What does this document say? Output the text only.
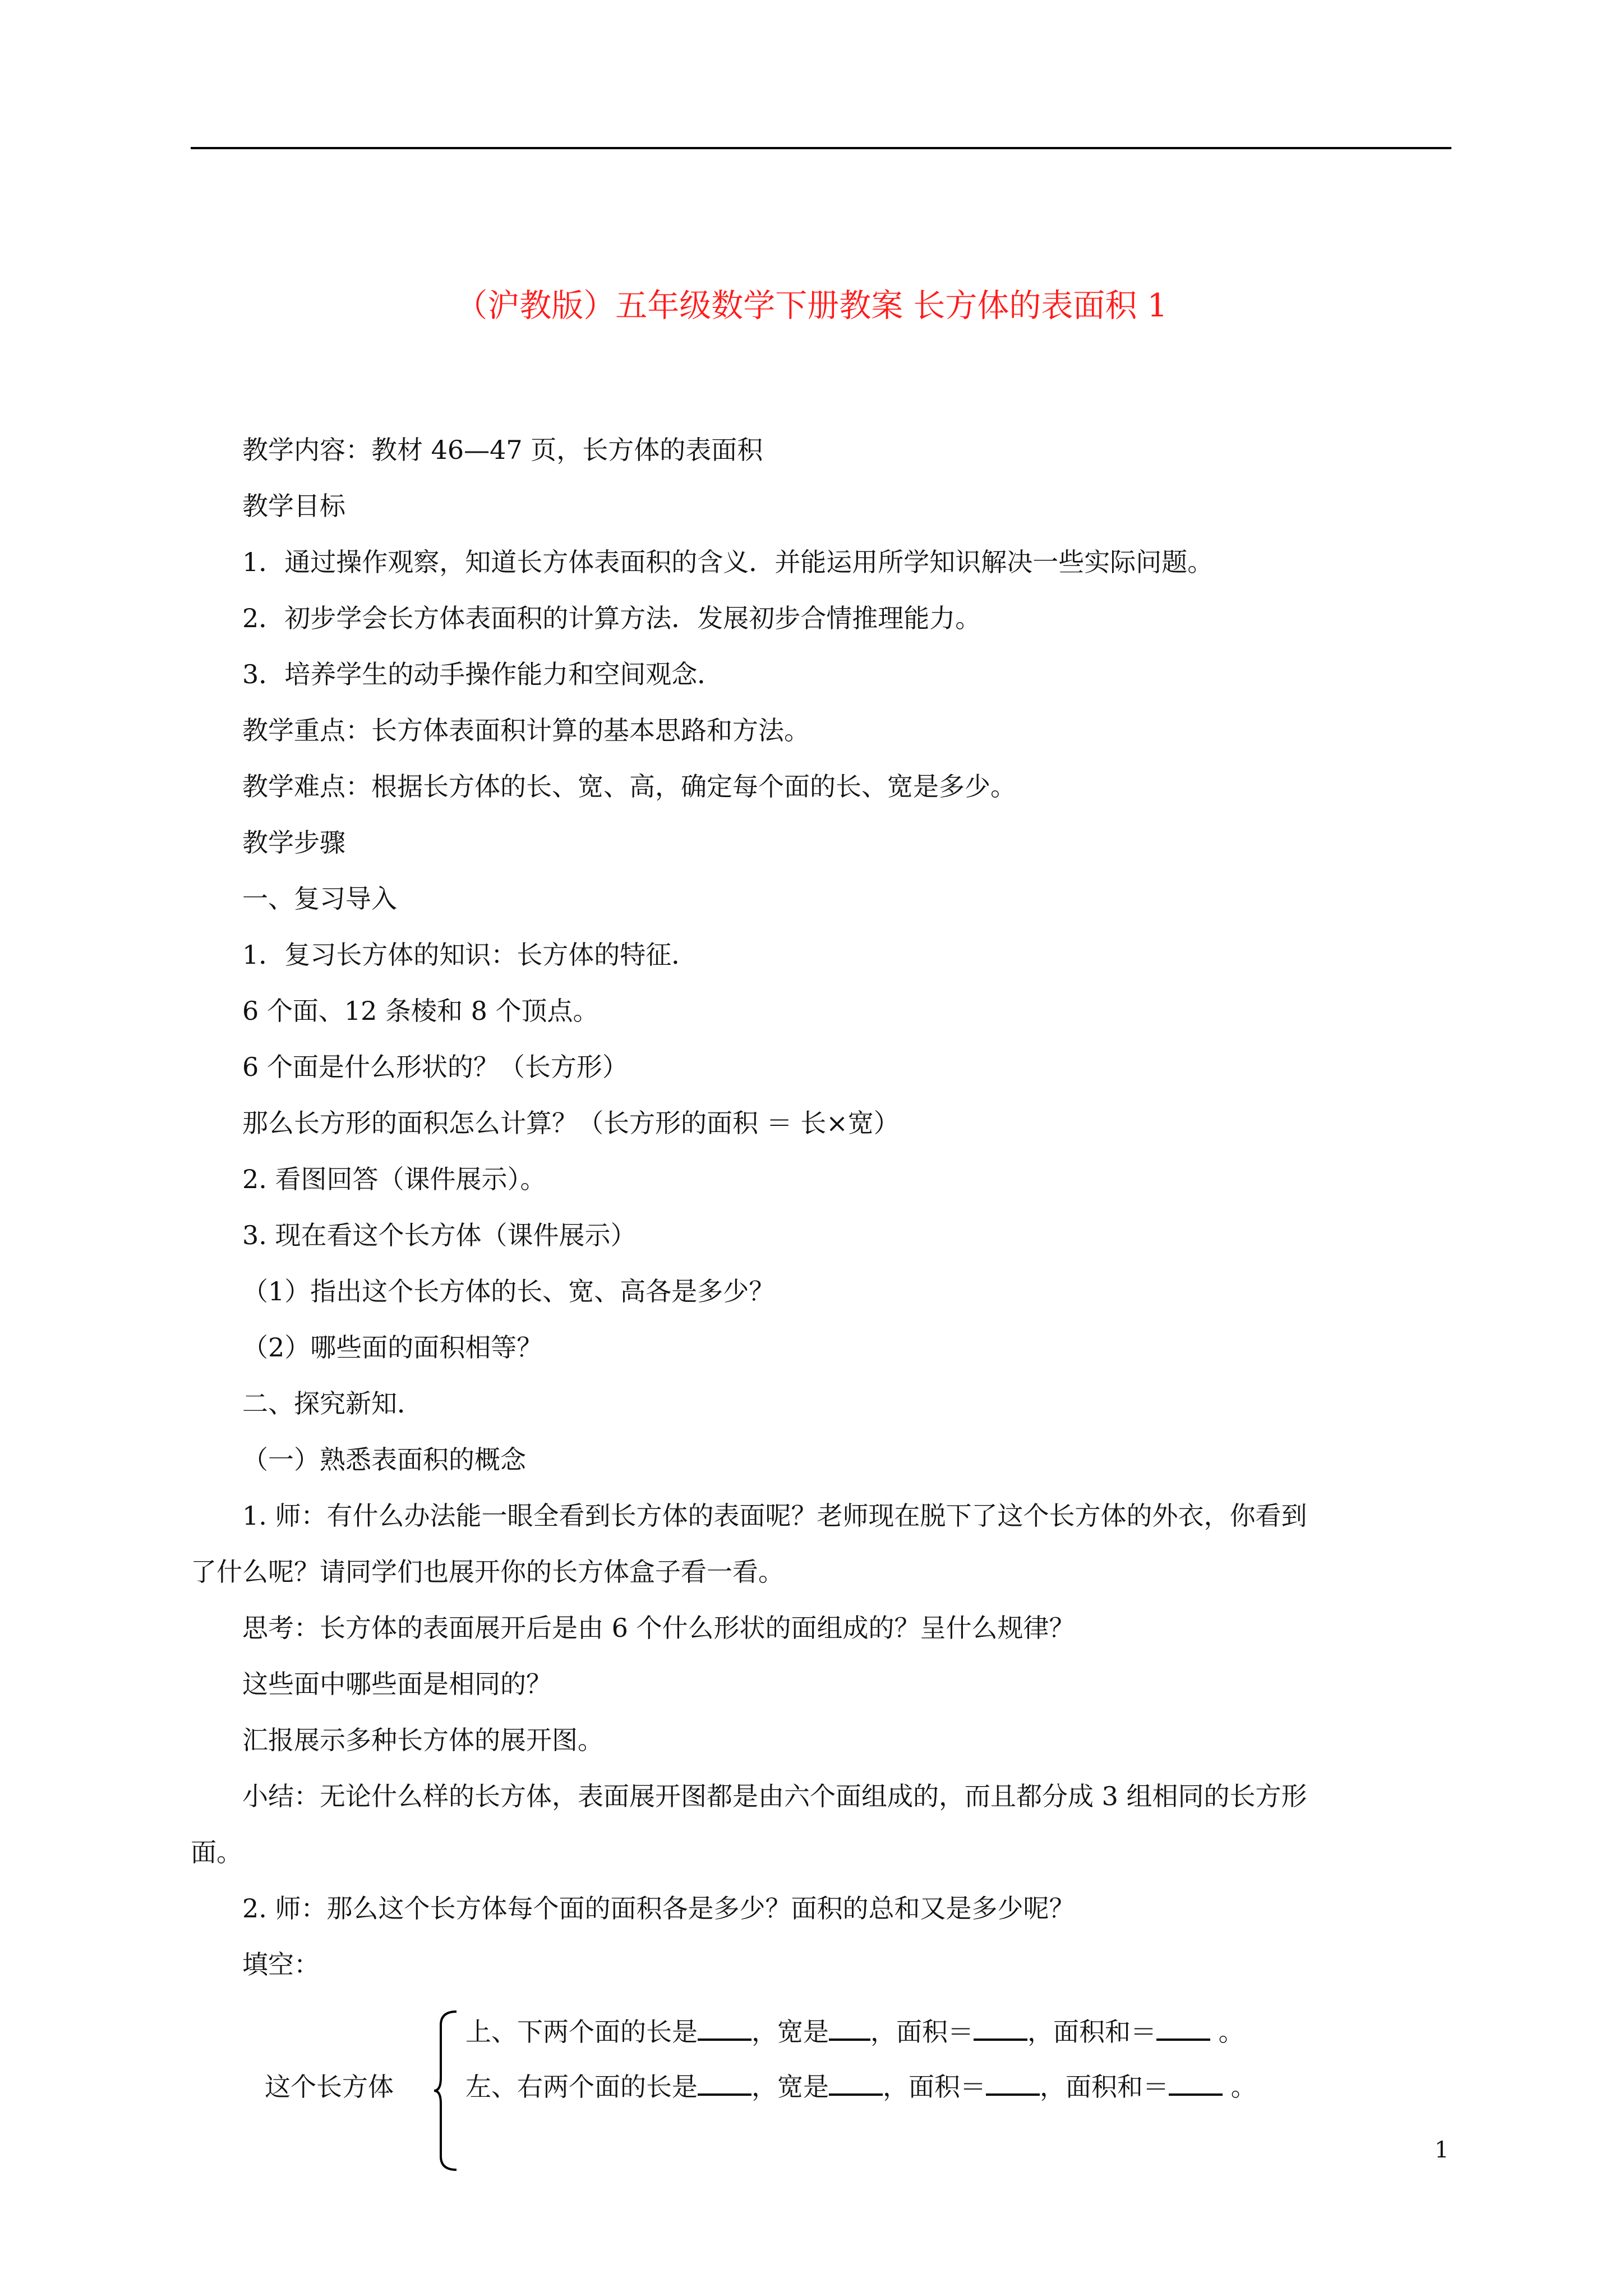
（沪教版）五年级数学下册教案 长方体的表面积 1
教学内容：教材 46—47 页，长方体的表面积
教学目标
1．通过操作观察，知道长方体表面积的含义．并能运用所学知识解决一些实际问题。
2．初步学会长方体表面积的计算方法．发展初步合情推理能力。
3．培养学生的动手操作能力和空间观念．
教学重点：长方体表面积计算的基本思路和方法。
教学难点：根据长方体的长、宽、高，确定每个面的长、宽是多少。
教学步骤
一、复习导入
1．复习长方体的知识：长方体的特征．
6 个面、12 条棱和 8 个顶点。
6 个面是什么形状的？（长方形）
那么长方形的面积怎么计算？（长方形的面积 ＝ 长×宽）
2. 看图回答（课件展示）。
3. 现在看这个长方体（课件展示）
（1）指出这个长方体的长、宽、高各是多少？
（2）哪些面的面积相等？
二、探究新知．
（一）熟悉表面积的概念
1. 师：有什么办法能一眼全看到长方体的表面呢？老师现在脱下了这个长方体的外衣，你看到
了什么呢？请同学们也展开你的长方体盒子看一看。
思考：长方体的表面展开后是由 6 个什么形状的面组成的？呈什么规律？
这些面中哪些面是相同的？
汇报展示多种长方体的展开图。
小结：无论什么样的长方体，表面展开图都是由六个面组成的，而且都分成 3 组相同的长方形
面。
2. 师：那么这个长方体每个面的面积各是多少？面积的总和又是多少呢？
填空：
这个长方体
上、下两个面的长是 ，宽是 ，面积＝ ，面积和＝ 。
左、右两个面的长是 ，宽是 ，面积＝ ，面积和＝ 。
1
